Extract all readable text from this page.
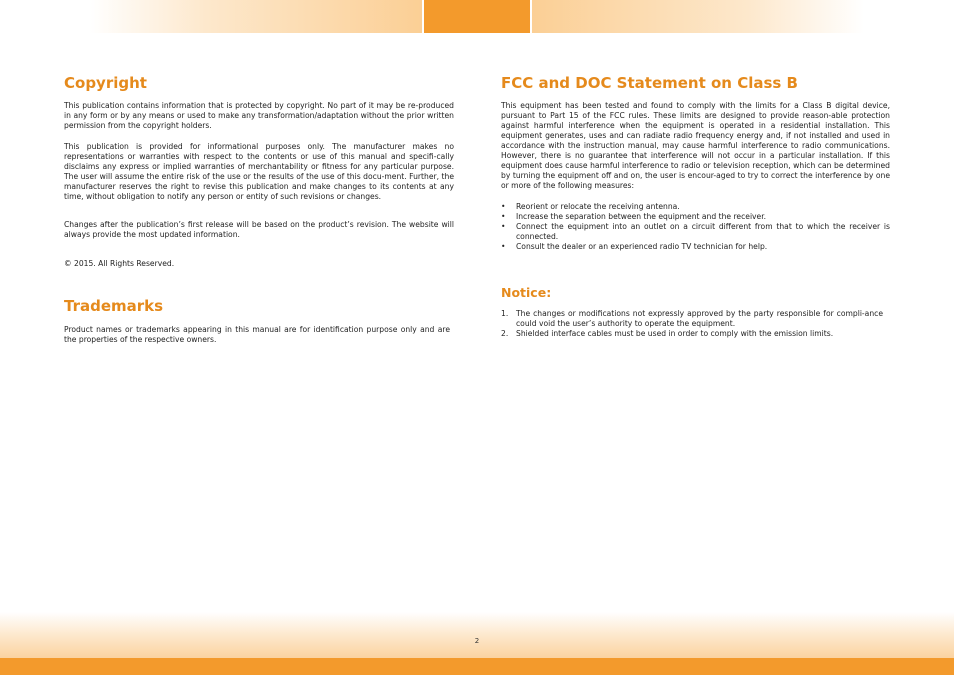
Copyright

This publication contains information that is protected by copyright. No part of it may be re-produced in any form or by any means or used to make any transformation/adaptation without the prior written permission from the copyright holders.

This publication is provided for informational purposes only. The manufacturer makes no representations or warranties with respect to the contents or use of this manual and specifi-cally disclaims any express or implied warranties of merchantability or fitness for any particular purpose. The user will assume the entire risk of the use or the results of the use of this docu-ment. Further, the manufacturer reserves the right to revise this publication and make changes to its contents at any time, without obligation to notify any person or entity of such revisions or changes.

Changes after the publication’s first release will be based on the product’s revision. The website will always provide the most updated information.

© 2015. All Rights Reserved.

Trademarks

Product names or trademarks appearing in this manual are for identification purpose only and are the properties of the respective owners.

FCC and DOC Statement on Class B

This equipment has been tested and found to comply with the limits for a Class B digital device, pursuant to Part 15 of the FCC rules. These limits are designed to provide reason-able protection against harmful interference when the equipment is operated in a residential installation. This equipment generates, uses and can radiate radio frequency energy and, if not installed and used in accordance with the instruction manual, may cause harmful interference to radio communications. However, there is no guarantee that interference will not occur in a particular installation. If this equipment does cause harmful interference to radio or television reception, which can be determined by turning the equipment off and on, the user is encour-aged to try to correct the interference by one or more of the following measures:

• Reorient or relocate the receiving antenna.
• Increase the separation between the equipment and the receiver.
• Connect the equipment into an outlet on a circuit different from that to which the receiver is connected.
• Consult the dealer or an experienced radio TV technician for help.
Notice:
1. The changes or modifications not expressly approved by the party responsible for compli-ance could void the user’s authority to operate the equipment.
2. Shielded interface cables must be used in order to comply with the emission limits.
2
